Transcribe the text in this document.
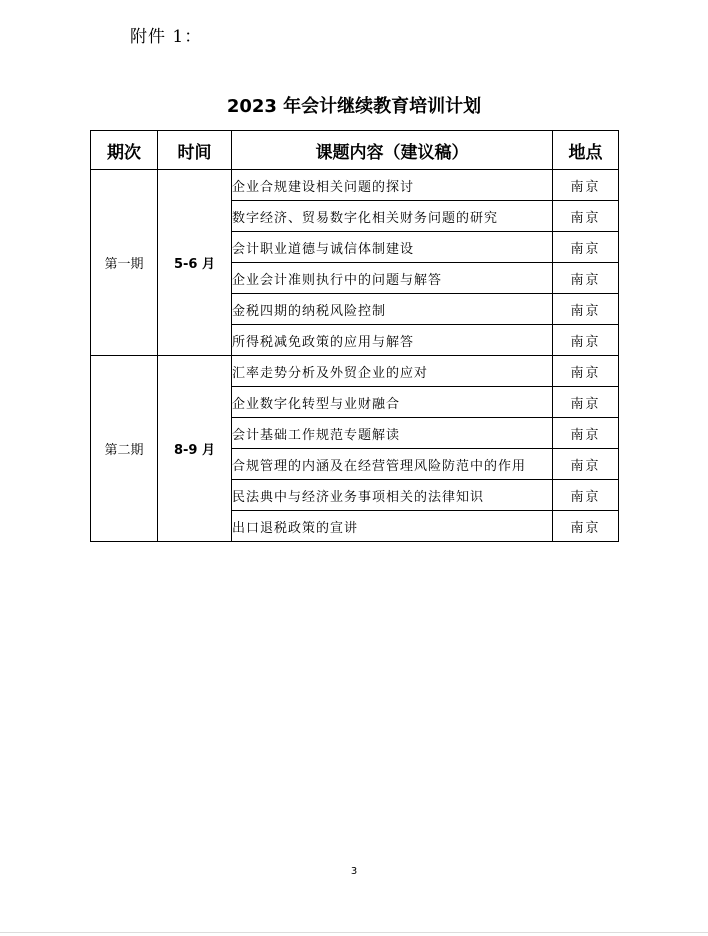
附件 1：
2023 年会计继续教育培训计划
期次	时间	课题内容（建议稿）	地点
第一期	5-6 月	企业合规建设相关问题的探讨	南京
		数字经济、贸易数字化相关财务问题的研究	南京
		会计职业道德与诚信体制建设	南京
		企业会计准则执行中的问题与解答	南京
		金税四期的纳税风险控制	南京
		所得税减免政策的应用与解答	南京
第二期	8-9 月	汇率走势分析及外贸企业的应对	南京
		企业数字化转型与业财融合	南京
		会计基础工作规范专题解读	南京
		合规管理的内涵及在经营管理风险防范中的作用	南京
		民法典中与经济业务事项相关的法律知识	南京
		出口退税政策的宣讲	南京
3
